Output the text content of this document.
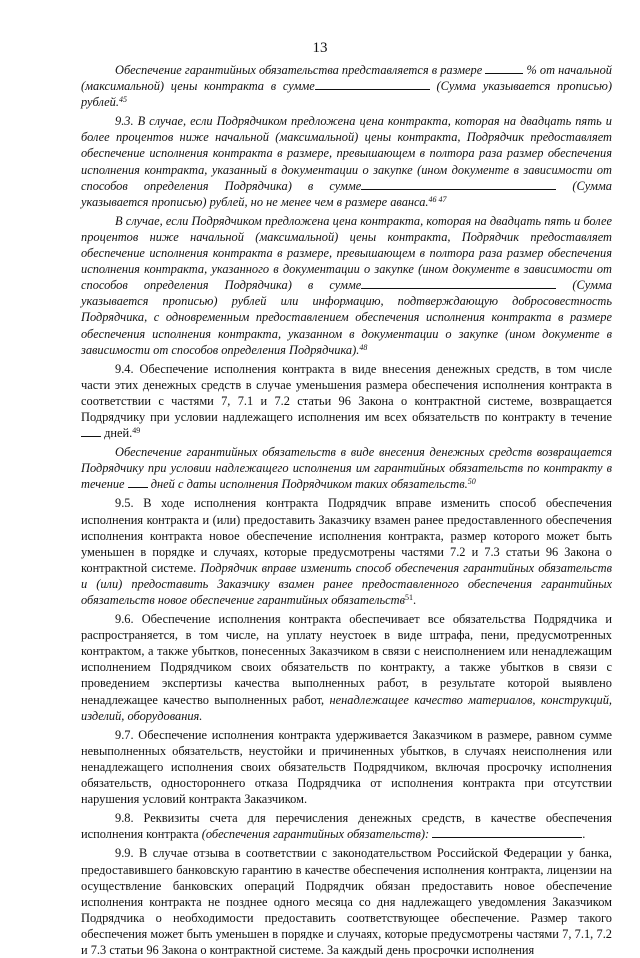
13

Обеспечение гарантийных обязательства представляется в размере	% от начальной (максимальной) цены контракта в сумме	(Сумма указывается прописью) рублей.$^{45}$

9.3. В случае, если Подрядчиком предложена цена контракта, которая на двадцать пять и более процентов ниже начальной (максимальной) цены контракта, Подрядчик предоставляет обеспечение исполнения контракта в размере, превышающем в полтора раза размер обеспечения исполнения контракта, указанный в документации о закупке (ином документе в зависимости от способов определения Подрядчика) в сумме	(Сумма указывается прописью) рублей, но не менее чем в размере аванса.$^{46 47}$

В случае, если Подрядчиком предложена цена контракта, которая на двадцать пять и более процентов ниже начальной (максимальной) цены контракта, Подрядчик предоставляет обеспечение исполнения контракта в размере, превышающем в полтора раза размер обеспечения исполнения контракта, указанного в документации о закупке (ином документе в зависимости от способов определения Подрядчика) в сумме	(Сумма указывается прописью) рублей или информацию, подтверждающую добросовестность Подрядчика, с одновременным предоставлением обеспечения исполнения контракта в размере обеспечения исполнения контракта, указанном в документации о закупке (ином документе в зависимости от способов определения Подрядчика).$^{48}$

9.4. Обеспечение исполнения контракта в виде внесения денежных средств, в том числе части этих денежных средств в случае уменьшения размера обеспечения исполнения контракта в соответствии с частями 7, 7.1 и 7.2 статьи 96 Закона о контрактной системе, возвращается Подрядчику при условии надлежащего исполнения им всех обязательств по контракту в течение  дней.$^{49}$

Обеспечение гарантийных обязательств в виде внесения денежных средств возвращается Подрядчику при условии надлежащего исполнения им гарантийных обязательств по контракту в течение дней с даты исполнения Подрядчиком таких обязательств.$^{50}$

9.5. В ходе исполнения контракта Подрядчик вправе изменить способ обеспечения исполнения контракта и (или) предоставить Заказчику взамен ранее предоставленного обеспечения исполнения контракта новое обеспечение исполнения контракта, размер которого может быть уменьшен в порядке и случаях, которые предусмотрены частями 7.2 и 7.3 статьи 96 Закона о контрактной системе. Подрядчик вправе изменить способ обеспечения гарантийных обязательств и (или) предоставить Заказчику взамен ранее предоставленного обеспечения гарантийных обязательств новое обеспечение гарантийных обязательств$^{51}$.

9.6. Обеспечение исполнения контракта обеспечивает все обязательства Подрядчика и распространяется, в том числе, на уплату неустоек в виде штрафа, пени, предусмотренных контрактом, а также убытков, понесенных Заказчиком в связи с неисполнением или ненадлежащим исполнением Подрядчиком своих обязательств по контракту, а также убытков в связи с проведением экспертизы качества выполненных работ, в результате которой выявлено ненадлежащее качество выполненных работ, ненадлежащее качество материалов, конструкций, изделий, оборудования.

9.7. Обеспечение исполнения контракта удерживается Заказчиком в размере, равном сумме невыполненных обязательств, неустойки и причиненных убытков, в случаях неисполнения или ненадлежащего исполнения своих обязательств Подрядчиком, включая просрочку исполнения обязательств, одностороннего отказа Подрядчика от исполнения контракта при отсутствии нарушения условий контракта Заказчиком.

9.8. Реквизиты счета для перечисления денежных средств, в качестве обеспечения исполнения контракта (обеспечения гарантийных обязательств):	.

9.9. В случае отзыва в соответствии с законодательством Российской Федерации у банка, предоставившего банковскую гарантию в качестве обеспечения исполнения контракта, лицензии на осуществление банковских операций Подрядчик обязан предоставить новое обеспечение исполнения контракта не позднее одного месяца со дня надлежащего уведомления Заказчиком Подрядчика о необходимости предоставить соответствующее обеспечение. Размер такого обеспечения может быть уменьшен в порядке и случаях, которые предусмотрены частями 7, 7.1, 7.2 и 7.3 статьи 96 Закона о контрактной системе. За каждый день просрочки исполнения
